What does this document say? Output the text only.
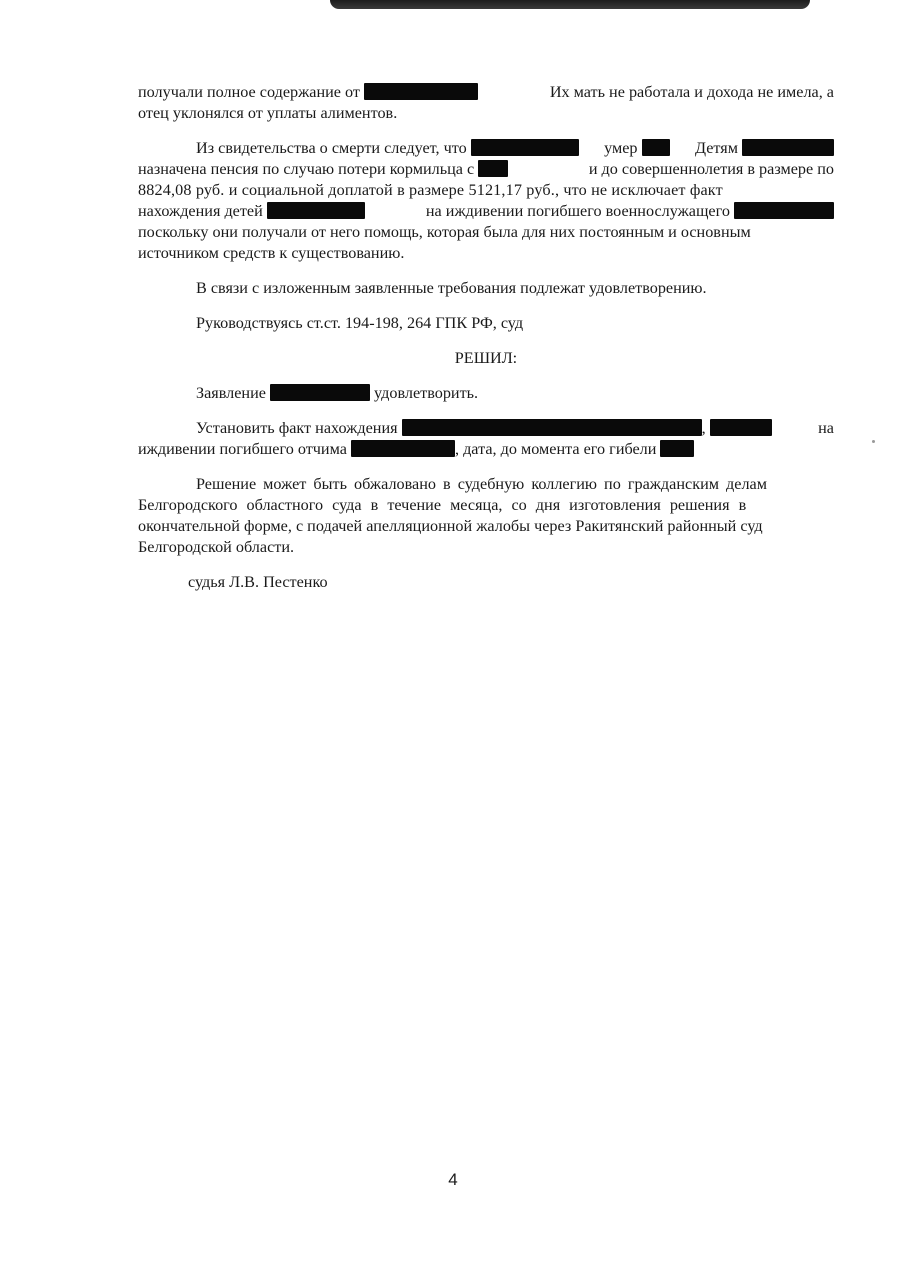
получали полное содержание от	Их мать не работала и дохода не имела, а
отец уклонялся от уплаты алиментов.
Из свидетельства о смерти следует, что	умер	Детям
назначена пенсия по случаю потери кормильца с	и до совершеннолетия в размере по
8824,08 руб. и социальной доплатой в размере 5121,17 руб., что не исключает факт
нахождения детей	на иждивении погибшего военнослужащего
поскольку они получали от него помощь, которая была для них постоянным и основным
источником средств к существованию.
В связи с изложенным заявленные требования подлежат удовлетворению.
Руководствуясь ст.ст. 194-198, 264 ГПК РФ, суд
РЕШИЛ:
Заявление	удовлетворить.
Установить факт нахождения	,	на
иждивении погибшего отчима	, дата, до момента его гибели
Решение может быть обжаловано в судебную коллегию по гражданским делам
Белгородского областного суда в течение месяца, со дня изготовления решения в
окончательной форме, с подачей апелляционной жалобы через Ракитянский районный суд
Белгородской области.
судья Л.В. Пестенко
4
